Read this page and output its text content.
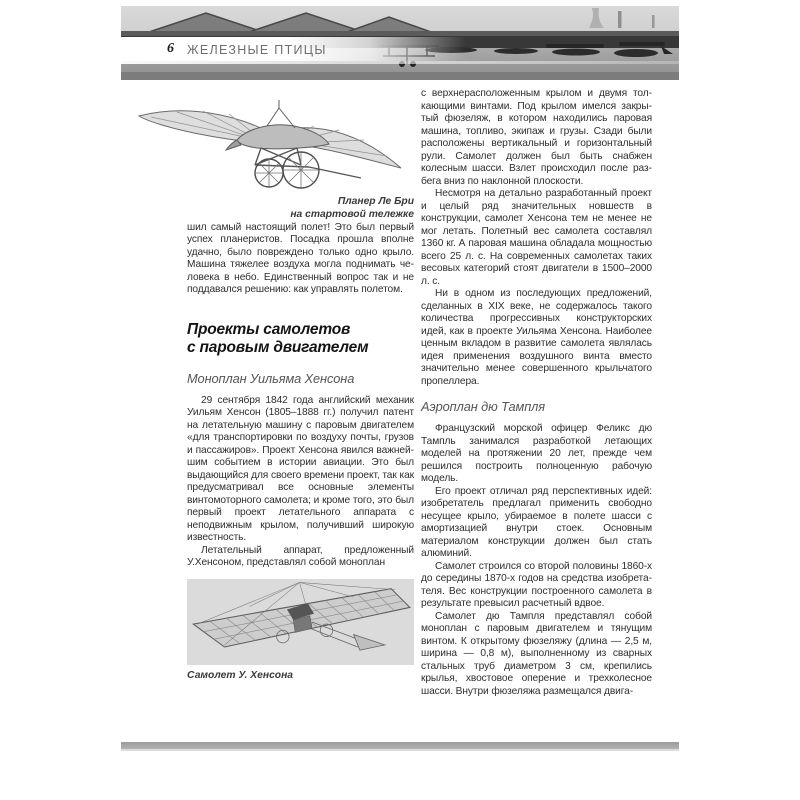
6 ЖЕЛЕЗНЫЕ ПТИЦЫ
Планер Ле Бри
на стартовой тележке

шил самый настоящий полет! Это был первый успех планеристов. Посадка прошла вполне удачно, было повреждено только одно крыло. Машина тяжелее воздуха могла поднимать человека в небо. Единственный вопрос так и не поддавался решению: как управлять полетом.

Проекты самолетов
с паровым двигателем
Моноплан Уильяма Хенсона

29 сентября 1842 года английский механик Уильям Хенсон (1805–1888 гг.) получил патент на летательную машину с паровым двигателем «для транспортировки по воздуху почты, грузов и пассажиров». Проект Хенсона явился важнейшим событием в истории авиации. Это был выдающийся для своего времени проект, так как предусматривал все основные элементы винтомоторного самолета; и кроме того, это был первый проект летательного аппарата с неподвижным крылом, получивший широкую известность.

Летательный аппарат, предложенный У.Хенсоном, представлял собой моноплан

Самолет У. Хенсона

с верхнерасположенным крылом и двумя толкающими винтами. Под крылом имелся закрытый фюзеляж, в котором находились паровая машина, топливо, экипаж и грузы. Сзади были расположены вертикальный и горизонтальный рули. Самолет должен был быть снабжен колесным шасси. Взлет происходил после разбега вниз по наклонной плоскости.

Несмотря на детально разработанный проект и целый ряд значительных новшеств в конструкции, самолет Хенсона тем не менее не мог летать. Полетный вес самолета составлял 1360 кг. А паровая машина обладала мощностью всего 25 л. с. На современных самолетах таких весовых категорий стоят двигатели в 1500–2000 л. с.

Ни в одном из последующих предложений, сделанных в XIX веке, не содержалось такого количества прогрессивных конструкторских идей, как в проекте Уильяма Хенсона. Наиболее ценным вкладом в развитие самолета являлась идея применения воздушного винта вместо значительно менее совершенного крыльчатого пропеллера.

Аэроплан дю Тампля

Французский морской офицер Феликс дю Тампль занимался разработкой летающих моделей на протяжении 20 лет, прежде чем решился построить полноценную рабочую модель.

Его проект отличал ряд перспективных идей: изобретатель предлагал применить свободно несущее крыло, убираемое в полете шасси с амортизацией внутри стоек. Основным материалом конструкции должен был стать алюминий.

Самолет строился со второй половины 1860-х до середины 1870-х годов на средства изобретателя. Вес конструкции построенного самолета в результате превысил расчетный вдвое.

Самолет дю Тампля представлял собой моноплан с паровым двигателем и тянущим винтом. К открытому фюзеляжу (длина — 2,5 м, ширина — 0,8 м), выполненному из сварных стальных труб диаметром 3 см, крепились крылья, хвостовое оперение и трехколесное шасси. Внутри фюзеляжа размещался двига-
